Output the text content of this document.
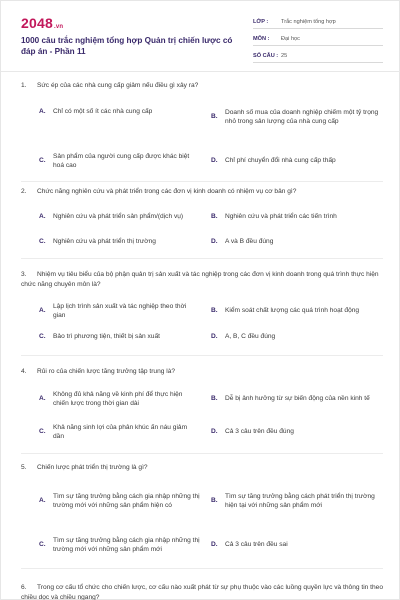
2048.vn
1000 câu trắc nghiệm tổng hợp Quản trị chiến lược có đáp án - Phần 11
LỚP :	Trắc nghiệm tổng hợp
MÔN :	Đại học
SỐ CÂU : 25
1. Sức ép của các nhà cung cấp giảm nếu điều gì xảy ra?
A.	Chỉ có một số ít các nhà cung cấp
B.
Doanh số mua của doanh nghiệp chiếm một tỷ trọng nhỏ trong sản lượng của nhà cung cấp
C.
Sản phẩm của người cung cấp được khác biệt hoá cao
D.	Chỉ phí chuyển đổi nhà cung cấp thấp
2. Chức năng nghiên cứu và phát triển trong các đơn vị kinh doanh có nhiệm vụ cơ bản gì?
A.	Nghiên cứu và phát triển sản phẩm/(dịch vụ)	B.	Nghiên cứu và phát triển các tiến trình
C.	Nghiên cứu và phát triển thị trường	D.	A và B đều đúng
3. Nhiệm vụ tiêu biểu của bộ phận quản trị sản xuất và tác nghiệp trong các đơn vị kinh doanh trong quá trình thực hiện chức năng chuyên môn là?
A.
Lập lịch trình sản xuất và tác nghiệp theo thời gian
B.	Kiểm soát chất lượng các quá trình hoạt động
C.	Bảo trì phương tiện, thiết bị sản xuất	D.	A, B, C đều đúng
4. Rủi ro của chiến lược tăng trưởng tập trung là?
A.
Không đủ khả năng về kinh phí để thực hiện chiến lược trong thời gian dài
B.	Dễ bị ảnh hưởng từ sự biến động của nền kinh tế
C.
Khả năng sinh lợi của phân khúc ấn náu giảm dần
D.	Cả 3 câu trên đều đúng
5. Chiến lược phát triển thị trường là gì?
A.
Tìm sự tăng trưởng bằng cách gia nhập những thị trường mới với những sản phẩm hiện có
B.
Tìm sự tăng trưởng bằng cách phát triển thị trường hiện tại với những sản phẩm mới
C.
Tìm sự tăng trưởng bằng cách gia nhập những thị trường mới với những sản phẩm mới
D.	Cả 3 câu trên đều sai
6. Trong cơ cấu tổ chức cho chiến lược, cơ cấu nào xuất phát từ sự phụ thuộc vào các luồng quyền lực và thông tin theo chiều dọc và chiều ngang?
